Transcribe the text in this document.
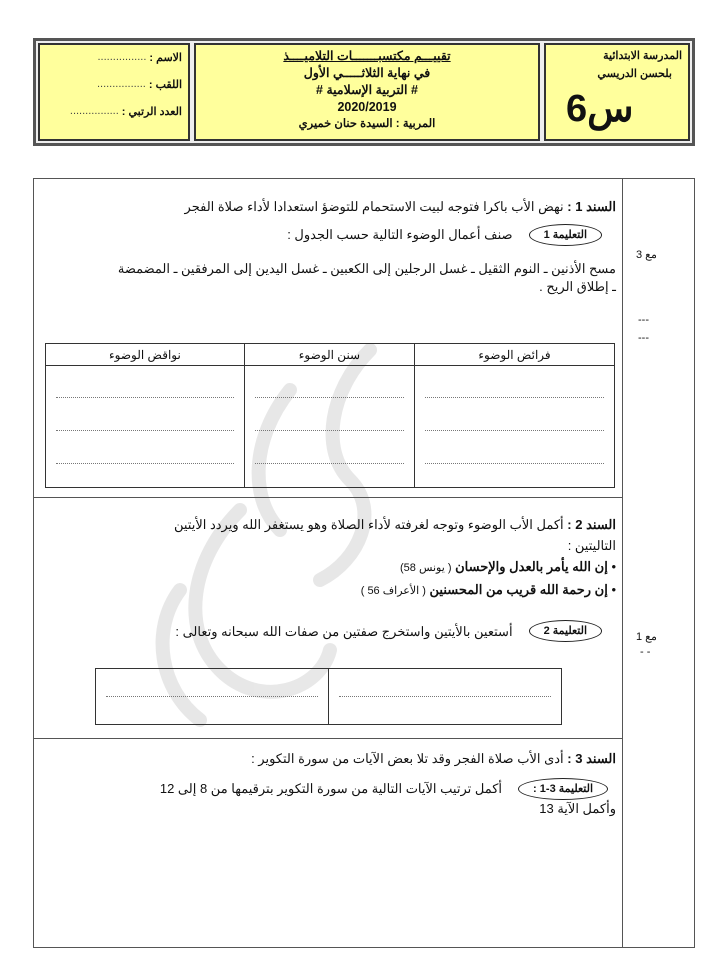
المدرسة الابتدائية
بلحسن الدريسي
س6
تقييـــم مكتسبـــــــات التلاميــــذ
في نهاية الثلاثـــــي الأول
# التربية الإسلامية #
2020/2019
المربية : السيدة حنان خميري
الاسم :
................
اللقب :
................
العدد الرتبي :
................
السند 1 : نهض الأب باكرا فتوجه لبيت الاستحمام للتوضؤ استعدادا لأداء صلاة الفجر
التعليمة 1
صنف أعمال الوضوء التالية حسب الجدول :
مسح الأذنين ـ النوم الثقيل ـ غسل الرجلين إلى الكعبين ـ غسل اليدين إلى المرفقين ـ المضمضة
ـ إطلاق الريح .
مع 3
---
---
فرائض الوضوء	سنن الوضوء	نواقض الوضوء

السند 2 : أكمل الأب الوضوء وتوجه لغرفته لأداء الصلاة وهو يستغفر الله ويردد الأيتين
التاليتين :
• إن الله يأمر بالعدل والإحسان ( يونس 58)
• إن رحمة الله قريب من المحسنين ( الأعراف 56 )
التعليمة 2
أستعين بالأيتين واستخرج صفتين من صفات الله سبحانه وتعالى :	مع 1
- -

السند 3 : أدى الأب صلاة الفجر وقد تلا بعض الآيات من سورة التكوير :
التعليمة 3-1 :
أكمل ترتيب الآيات التالية من سورة التكوير بترقيمها من 8 إلى 12
وأكمل الآية 13
